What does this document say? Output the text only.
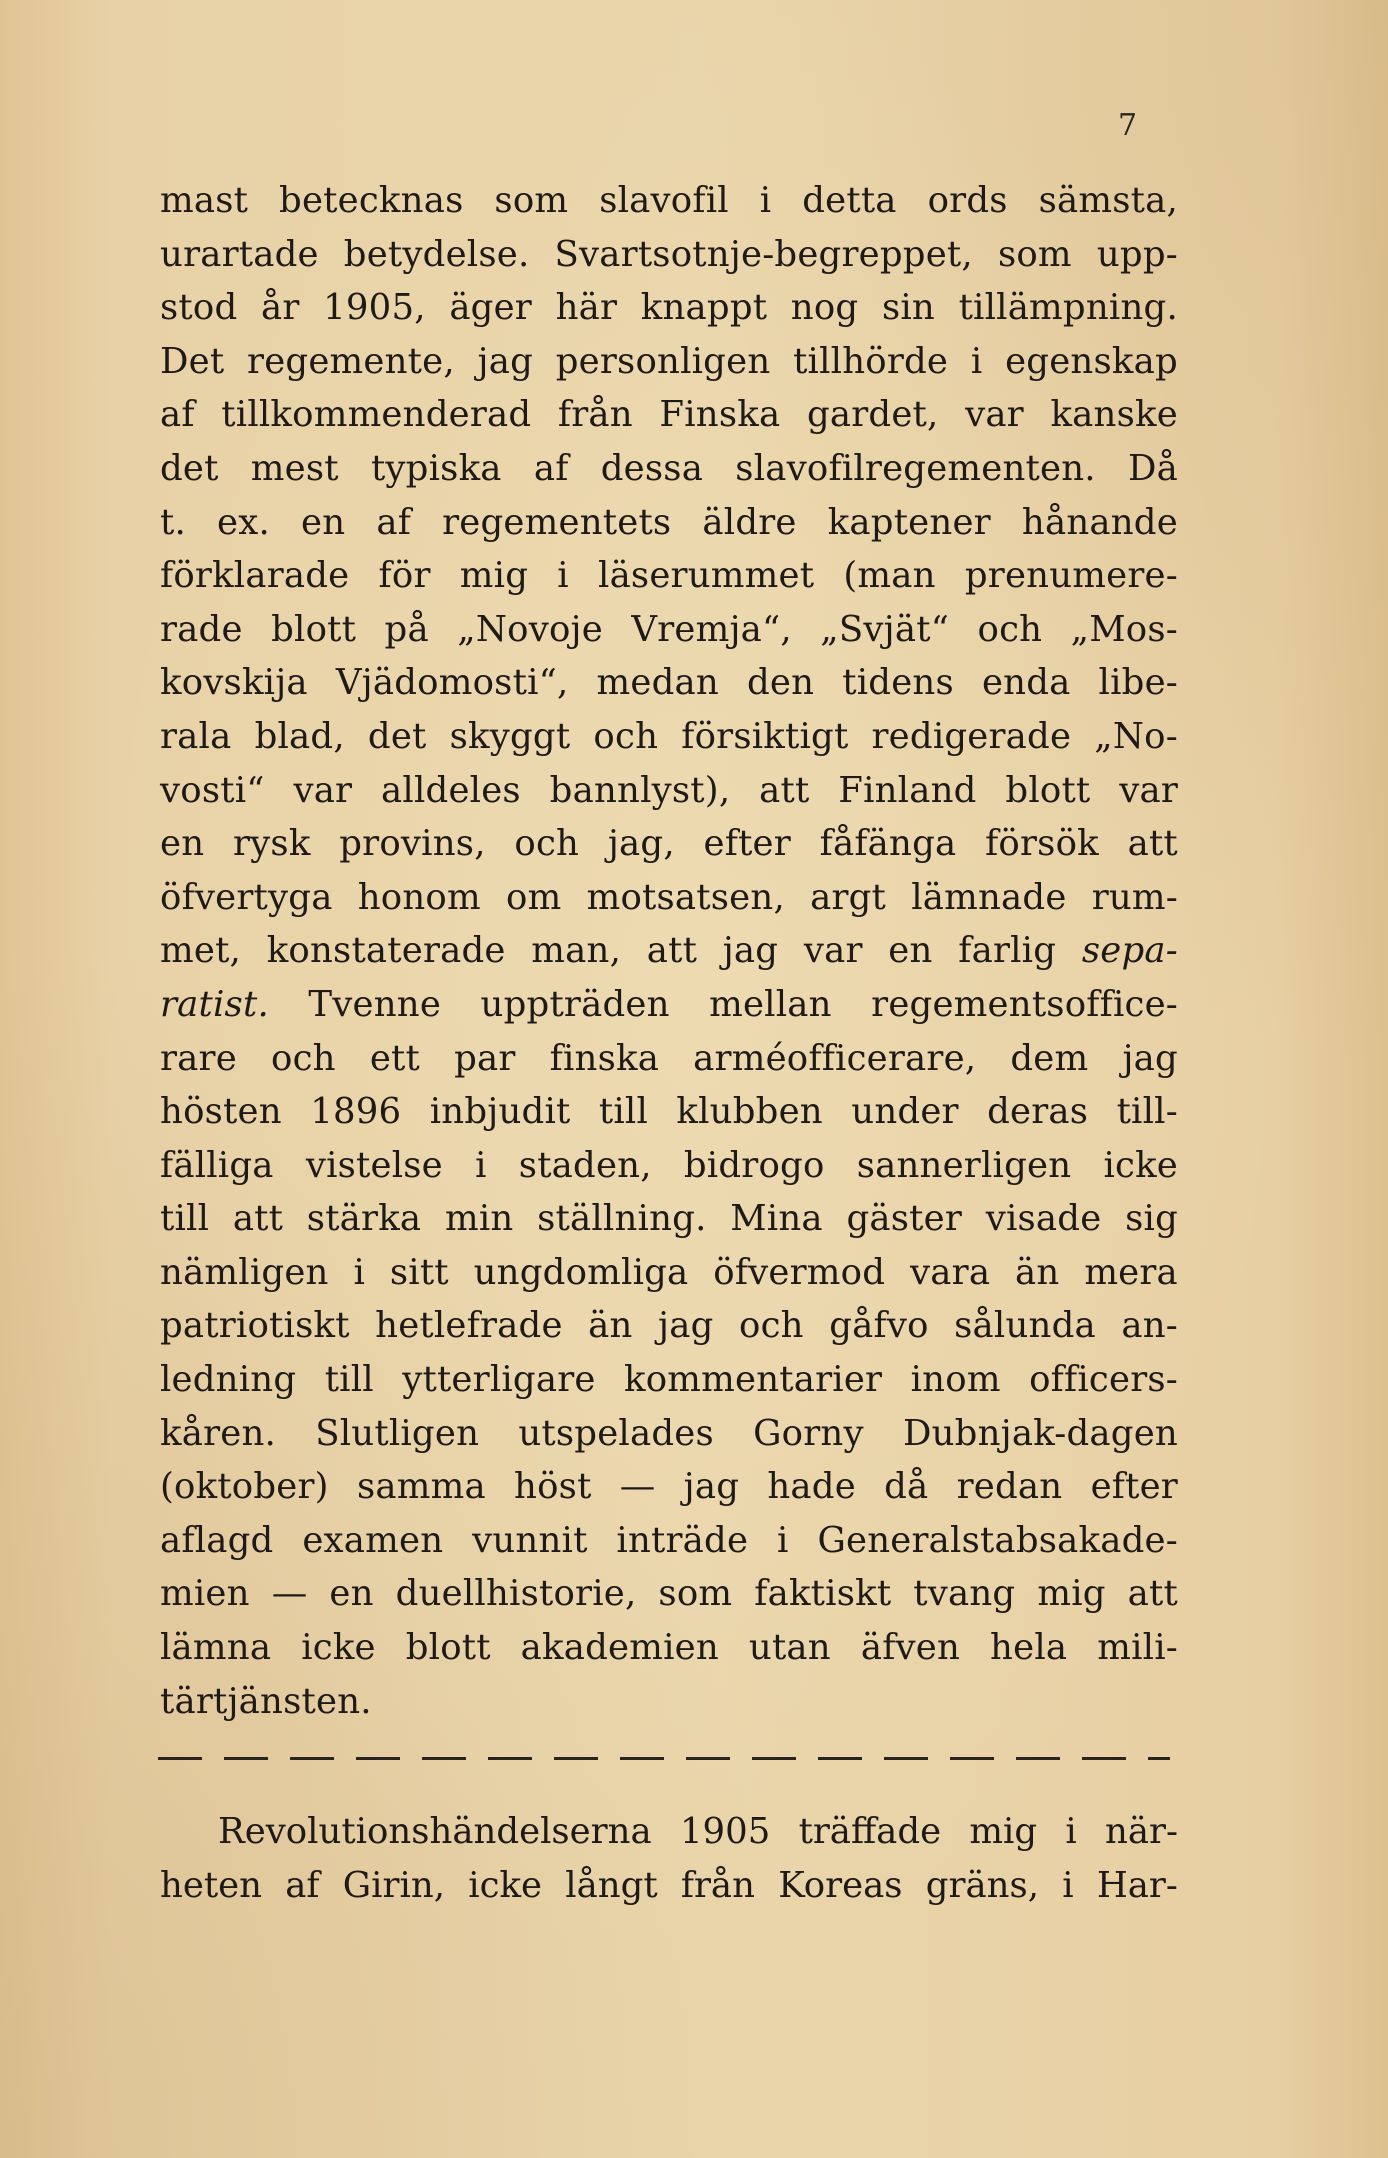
7
mast betecknas som slavofil i detta ords sämsta,
urartade betydelse. Svartsotnje-begreppet, som upp-
stod år 1905, äger här knappt nog sin tillämpning.
Det regemente, jag personligen tillhörde i egenskap
af tillkommenderad från Finska gardet, var kanske
det mest typiska af dessa slavofilregementen. Då
t. ex. en af regementets äldre kaptener hånande
förklarade för mig i läserummet (man prenumere-
rade blott på „Novoje Vremja“, „Svjät“ och „Mos-
kovskija Vjädomosti“, medan den tidens enda libe-
rala blad, det skyggt och försiktigt redigerade „No-
vosti“ var alldeles bannlyst), att Finland blott var
en rysk provins, och jag, efter fåfänga försök att
öfvertyga honom om motsatsen, argt lämnade rum-
met, konstaterade man, att jag var en farlig sepa-
ratist. Tvenne uppträden mellan regementsoffice-
rare och ett par finska arméofficerare, dem jag
hösten 1896 inbjudit till klubben under deras till-
fälliga vistelse i staden, bidrogo sannerligen icke
till att stärka min ställning. Mina gäster visade sig
nämligen i sitt ungdomliga öfvermod vara än mera
patriotiskt hetlefrade än jag och gåfvo sålunda an-
ledning till ytterligare kommentarier inom officers-
kåren. Slutligen utspelades Gorny Dubnjak-dagen
(oktober) samma höst — jag hade då redan efter
aflagd examen vunnit inträde i Generalstabsakade-
mien — en duellhistorie, som faktiskt tvang mig att
lämna icke blott akademien utan äfven hela mili-
tärtjänsten.
Revolutionshändelserna 1905 träffade mig i när-
heten af Girin, icke långt från Koreas gräns, i Har-
